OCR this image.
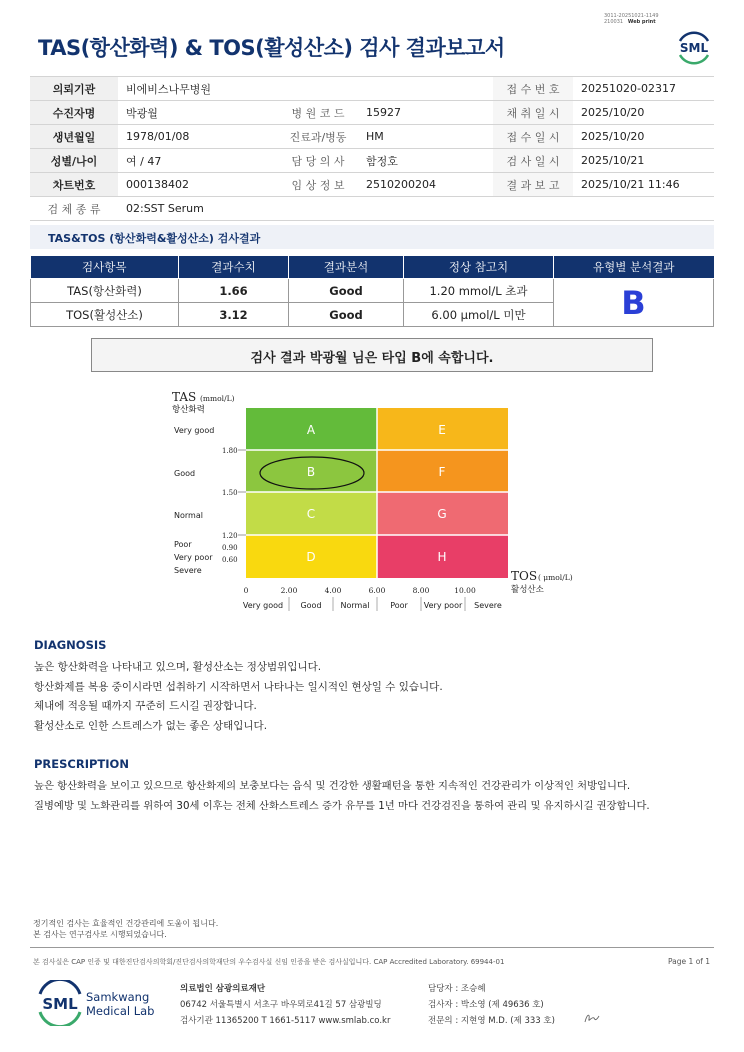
TAS(항산화력) & TOS(활성산소) 검사 결과보고서
3011-20251021-1149
210031 Web print
SML
의뢰기관	비에비스나무병원			접 수 번 호	20251020-02317
수진자명	박광월	병 원 코 드	15927	채 취 일 시	2025/10/20
생년월일	1978/01/08	진료과/병동	HM	접 수 일 시	2025/10/20
성별/나이	여 / 47	담 당 의 사	함정호	검 사 일 시	2025/10/21
차트번호	000138402	임 상 정 보	2510200204	결 과 보 고	2025/10/21 11:46
검 체 종 류	02:SST Serum				
TAS&TOS (항산화력&활성산소) 검사결과
검사항목	결과수치	결과분석	정상 참고치	유형별 분석결과
TAS(항산화력)	1.66	Good	1.20 mmol/L 초과	B
TOS(활성산소)	3.12	Good	6.00 μmol/L 미만	
검사 결과 박광월 님은 타입 B에 속합니다.
TAS (mmol/L)
항산화력
A	E
B	F
C	G
D	H
Very good
Good
Normal
Poor
Very poor
Severe
1.80
1.50
1.20
0.90
0.60
0	2.00	4.00	6.00	8.00	10.00
Very good Good Normal	Poor Very poor Severe
TOS ( μmol/L)
활성산소
DIAGNOSIS
높은 항산화력을 나타내고 있으며, 활성산소는 정상범위입니다.
항산화제를 복용 중이시라면 섭취하기 시작하면서 나타나는 일시적인 현상일 수 있습니다.
체내에 적응될 때까지 꾸준히 드시길 권장합니다.
활성산소로 인한 스트레스가 없는 좋은 상태입니다.
PRESCRIPTION
높은 항산화력을 보이고 있으므로 항산화제의 보충보다는 음식 및 건강한 생활패턴을 통한 지속적인 건강관리가 이상적인 처방입니다.
질병예방 및 노화관리를 위하여 30세 이후는 전체 산화스트레스 증가 유무를 1년 마다 건강검진을 통하여 관리 및 유지하시길 권장합니다.
정기적인 검사는 효율적인 건강관리에 도움이 됩니다.
본 검사는 연구검사로 시행되었습니다.
본 검사실은 CAP 인증 및 대한진단검사의학회/진단검사의학재단의 우수검사실 신임 인증을 받은 검사실입니다. CAP Accredited Laboratory. 69944-01	Page 1 of 1
SML Samkwang
Medical Lab
의료법인 삼광의료재단
06742 서울특별시 서초구 바우뫼로41길 57 삼광빌딩
검사기관 11365200 T 1661-5117 www.smlab.co.kr
담당자 : 조승혜
검사자 : 박소영 (제 49636 호)
전문의 : 지현영 M.D. (제 333 호)
